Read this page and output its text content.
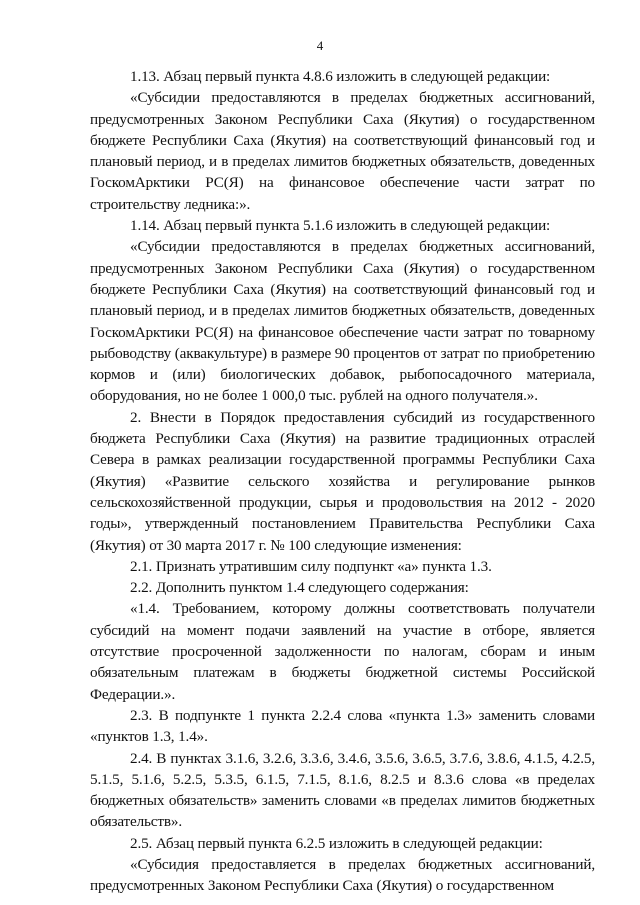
4

1.13. Абзац первый пункта 4.8.6 изложить в следующей редакции:

«Субсидии предоставляются в пределах бюджетных ассигнований, предусмотренных Законом Республики Саха (Якутия) о государственном бюджете Республики Саха (Якутия) на соответствующий финансовый год и плановый период, и в пределах лимитов бюджетных обязательств, доведенных ГоскомАрктики РС(Я) на финансовое обеспечение части затрат по строительству ледника:».

1.14. Абзац первый пункта 5.1.6 изложить в следующей редакции:

«Субсидии предоставляются в пределах бюджетных ассигнований, предусмотренных Законом Республики Саха (Якутия) о государственном бюджете Республики Саха (Якутия) на соответствующий финансовый год и плановый период, и в пределах лимитов бюджетных обязательств, доведенных ГоскомАрктики РС(Я) на финансовое обеспечение части затрат по товарному рыбоводству (аквакультуре) в размере 90 процентов от затрат по приобретению кормов и (или) биологических добавок, рыбопосадочного материала, оборудования, но не более 1 000,0 тыс. рублей на одного получателя.».

2. Внести в Порядок предоставления субсидий из государственного бюджета Республики Саха (Якутия) на развитие традиционных отраслей Севера в рамках реализации государственной программы Республики Саха (Якутия) «Развитие сельского хозяйства и регулирование рынков сельскохозяйственной продукции, сырья и продовольствия на 2012 - 2020 годы», утвержденный постановлением Правительства Республики Саха (Якутия) от 30 марта 2017 г. № 100 следующие изменения:

2.1. Признать утратившим силу подпункт «а» пункта 1.3.

2.2. Дополнить пунктом 1.4 следующего содержания:

«1.4. Требованием, которому должны соответствовать получатели субсидий на момент подачи заявлений на участие в отборе, является отсутствие просроченной задолженности по налогам, сборам и иным обязательным платежам в бюджеты бюджетной системы Российской Федерации.».

2.3. В подпункте 1 пункта 2.2.4 слова «пункта 1.3» заменить словами «пунктов 1.3, 1.4».

2.4. В пунктах 3.1.6, 3.2.6, 3.3.6, 3.4.6, 3.5.6, 3.6.5, 3.7.6, 3.8.6, 4.1.5, 4.2.5, 5.1.5, 5.1.6, 5.2.5, 5.3.5, 6.1.5, 7.1.5, 8.1.6, 8.2.5 и 8.3.6 слова «в пределах бюджетных обязательств» заменить словами «в пределах лимитов бюджетных обязательств».

2.5. Абзац первый пункта 6.2.5 изложить в следующей редакции:

«Субсидия предоставляется в пределах бюджетных ассигнований, предусмотренных Законом Республики Саха (Якутия) о государственном
